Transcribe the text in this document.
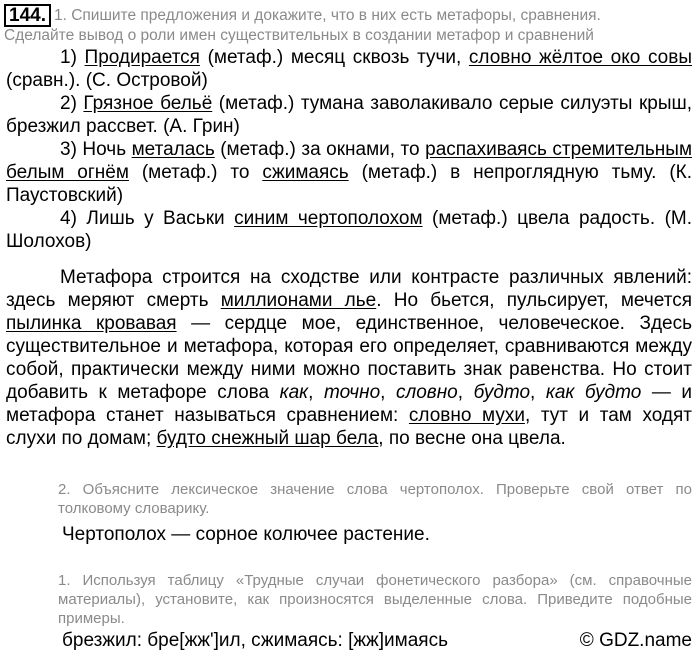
144. 1. Спишите предложения и докажите, что в них есть метафоры, сравнения.
Сделайте вывод о роли имен существительных в создании метафор и сравнений

1) Продирается (метаф.) месяц сквозь тучи, словно жёлтое око совы (сравн.). (С. Островой)

2) Грязное бельё (метаф.) тумана заволакивало серые силуэты крыш, брезжил рассвет. (А. Грин)

3) Ночь металась (метаф.) за окнами, то распахиваясь стремительным белым огнём (метаф.) то сжимаясь (метаф.) в непроглядную тьму. (К. Паустовский)

4) Лишь у Васьки синим чертополохом (метаф.) цвела радость. (М. Шолохов)

Метафора строится на сходстве или контрасте различных явлений: здесь меряют смерть миллионами лье. Но бьется, пульсирует, мечется пылинка кровавая — сердце мое, единственное, человеческое. Здесь существительное и метафора, которая его определяет, сравниваются между собой, практически между ними можно поставить знак равенства. Но стоит добавить к метафоре слова как, точно, словно, будто, как будто — и метафора станет называться сравнением: словно мухи, тут и там ходят слухи по домам; будто снежный шар бела, по весне она цвела.

2. Объясните лексическое значение слова чертополох. Проверьте свой ответ по толковому словарику.
Чертополох — сорное колючее растение.
1. Используя таблицу «Трудные случаи фонетического разбора» (см. справочные материалы), установите, как произносятся выделенные слова. Приведите подобные примеры.
брезжил: бре[жж']ил, сжимаясь: [жж]имаясь	© GDZ.name
